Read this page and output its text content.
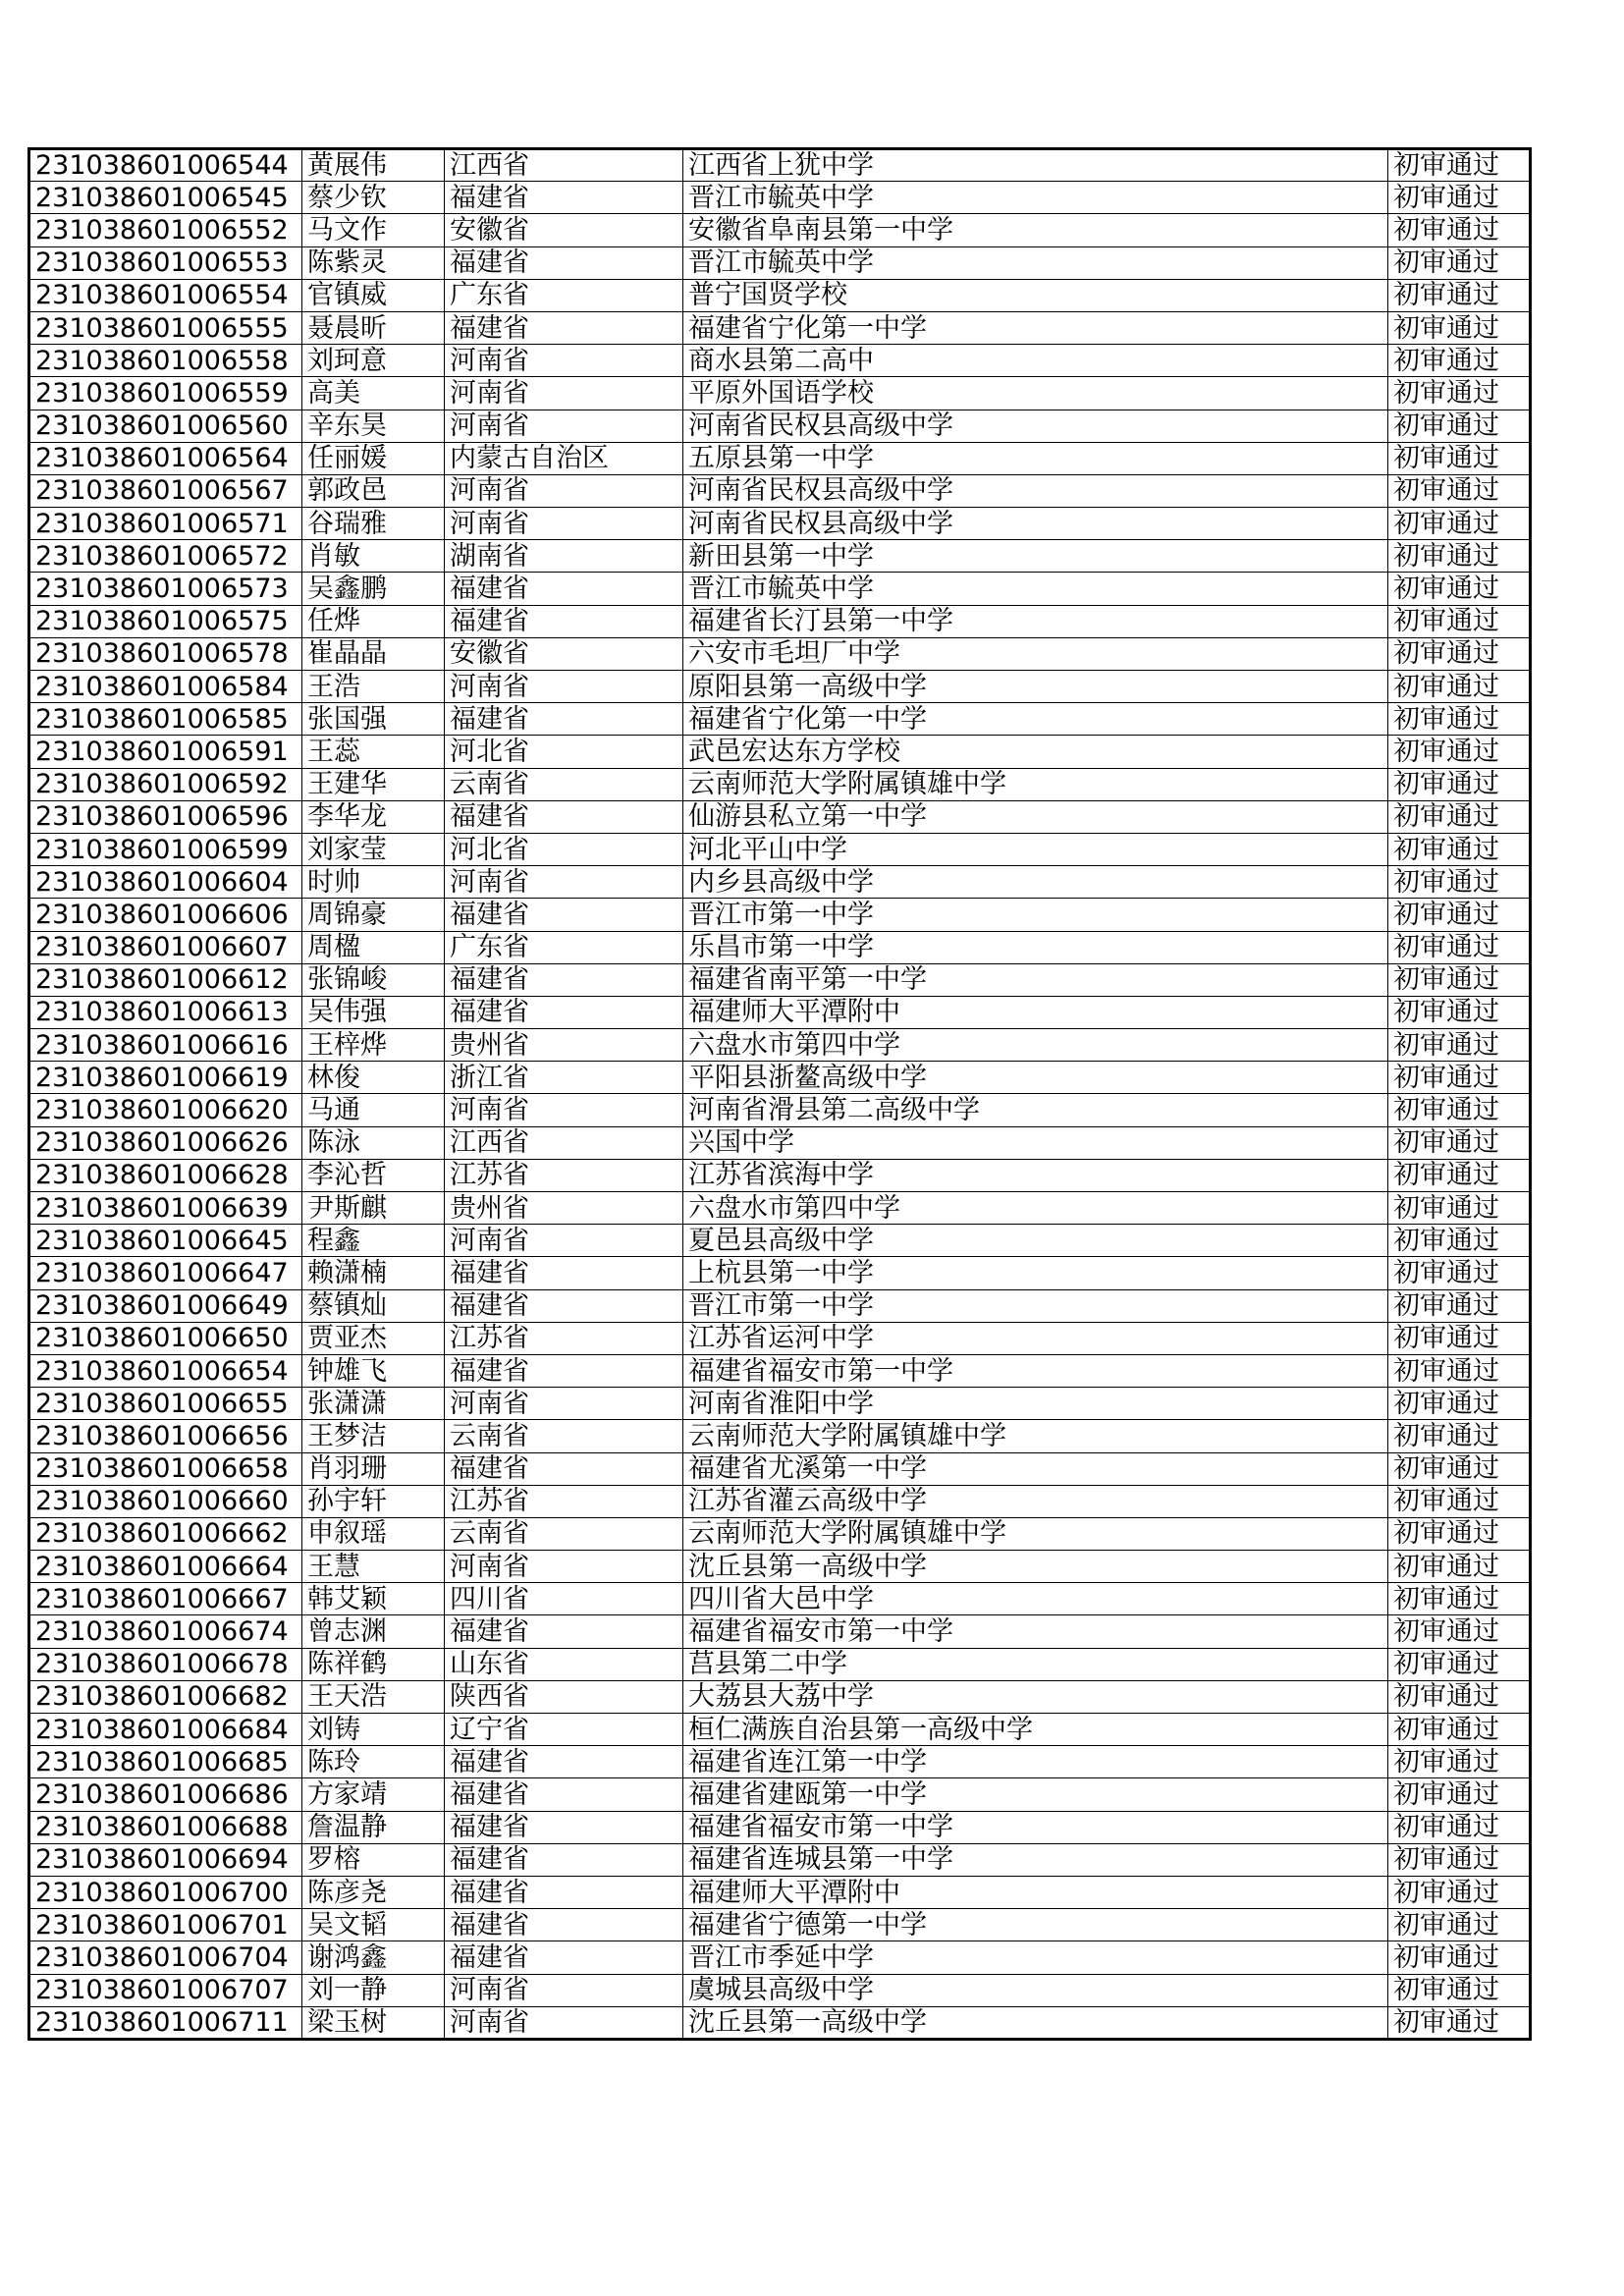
231038601006544	黄展伟	江西省	江西省上犹中学	初审通过
231038601006545	蔡少钦	福建省	晋江市毓英中学	初审通过
231038601006552	马文作	安徽省	安徽省阜南县第一中学	初审通过
231038601006553	陈紫灵	福建省	晋江市毓英中学	初审通过
231038601006554	官镇威	广东省	普宁国贤学校	初审通过
231038601006555	聂晨昕	福建省	福建省宁化第一中学	初审通过
231038601006558	刘珂意	河南省	商水县第二高中	初审通过
231038601006559	高美	河南省	平原外国语学校	初审通过
231038601006560	辛东昊	河南省	河南省民权县高级中学	初审通过
231038601006564	任丽媛	内蒙古自治区	五原县第一中学	初审通过
231038601006567	郭政邑	河南省	河南省民权县高级中学	初审通过
231038601006571	谷瑞雅	河南省	河南省民权县高级中学	初审通过
231038601006572	肖敏	湖南省	新田县第一中学	初审通过
231038601006573	吴鑫鹏	福建省	晋江市毓英中学	初审通过
231038601006575	任烨	福建省	福建省长汀县第一中学	初审通过
231038601006578	崔晶晶	安徽省	六安市毛坦厂中学	初审通过
231038601006584	王浩	河南省	原阳县第一高级中学	初审通过
231038601006585	张国强	福建省	福建省宁化第一中学	初审通过
231038601006591	王蕊	河北省	武邑宏达东方学校	初审通过
231038601006592	王建华	云南省	云南师范大学附属镇雄中学	初审通过
231038601006596	李华龙	福建省	仙游县私立第一中学	初审通过
231038601006599	刘家莹	河北省	河北平山中学	初审通过
231038601006604	时帅	河南省	内乡县高级中学	初审通过
231038601006606	周锦豪	福建省	晋江市第一中学	初审通过
231038601006607	周楹	广东省	乐昌市第一中学	初审通过
231038601006612	张锦峻	福建省	福建省南平第一中学	初审通过
231038601006613	吴伟强	福建省	福建师大平潭附中	初审通过
231038601006616	王梓烨	贵州省	六盘水市第四中学	初审通过
231038601006619	林俊	浙江省	平阳县浙鳌高级中学	初审通过
231038601006620	马通	河南省	河南省滑县第二高级中学	初审通过
231038601006626	陈泳	江西省	兴国中学	初审通过
231038601006628	李沁哲	江苏省	江苏省滨海中学	初审通过
231038601006639	尹斯麒	贵州省	六盘水市第四中学	初审通过
231038601006645	程鑫	河南省	夏邑县高级中学	初审通过
231038601006647	赖潇楠	福建省	上杭县第一中学	初审通过
231038601006649	蔡镇灿	福建省	晋江市第一中学	初审通过
231038601006650	贾亚杰	江苏省	江苏省运河中学	初审通过
231038601006654	钟雄飞	福建省	福建省福安市第一中学	初审通过
231038601006655	张潇潇	河南省	河南省淮阳中学	初审通过
231038601006656	王梦洁	云南省	云南师范大学附属镇雄中学	初审通过
231038601006658	肖羽珊	福建省	福建省尤溪第一中学	初审通过
231038601006660	孙宇轩	江苏省	江苏省灌云高级中学	初审通过
231038601006662	申叙瑶	云南省	云南师范大学附属镇雄中学	初审通过
231038601006664	王慧	河南省	沈丘县第一高级中学	初审通过
231038601006667	韩艾颖	四川省	四川省大邑中学	初审通过
231038601006674	曾志渊	福建省	福建省福安市第一中学	初审通过
231038601006678	陈祥鹤	山东省	莒县第二中学	初审通过
231038601006682	王天浩	陕西省	大荔县大荔中学	初审通过
231038601006684	刘铸	辽宁省	桓仁满族自治县第一高级中学	初审通过
231038601006685	陈玲	福建省	福建省连江第一中学	初审通过
231038601006686	方家靖	福建省	福建省建瓯第一中学	初审通过
231038601006688	詹温静	福建省	福建省福安市第一中学	初审通过
231038601006694	罗榕	福建省	福建省连城县第一中学	初审通过
231038601006700	陈彦尧	福建省	福建师大平潭附中	初审通过
231038601006701	吴文韬	福建省	福建省宁德第一中学	初审通过
231038601006704	谢鸿鑫	福建省	晋江市季延中学	初审通过
231038601006707	刘一静	河南省	虞城县高级中学	初审通过
231038601006711	梁玉树	河南省	沈丘县第一高级中学	初审通过
